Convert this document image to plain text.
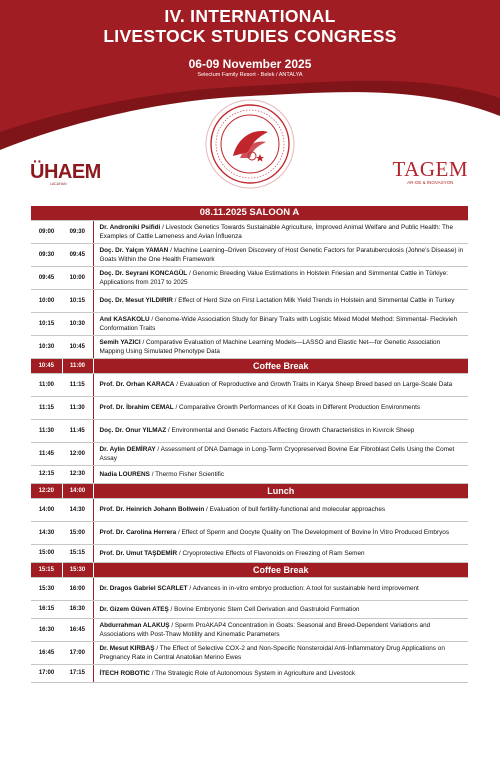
IV. INTERNATIONAL
LIVESTOCK STUDIES CONGRESS
06-09 November 2025
Selectum Family Resort - Belek / ANTALYA
ÜHAEM
LACAHAN
TAGEM
AR-GE & İNOVASYON
08.11.2025 SALOON A		
09:00	09:30	Dr. Androniki Psifidi / Livestock Genetics Towards Sustainable Agriculture, İmproved Animal Welfare and Public Health: The Examples of Cattle Lameness and Avian İnfluenza
09:30	09:45	Doç. Dr. Yalçın YAMAN / Machine Learning–Driven Discovery of Host Genetic Factors for Paratuberculosis (Johne's Disease) in Goats Within the One Health Framework
09:45	10:00	Doç. Dr. Seyrani KONCAGÜL / Genomic Breeding Value Estimations in Holstein Friesian and Simmental Cattle in Türkiye: Applications from 2017 to 2025
10:00	10:15	Doç. Dr. Mesut YILDIRIR / Effect of Herd Size on First Lactation Milk Yield Trends in Holstein and Simmental Cattle in Turkey
10:15	10:30	Anıl KASAKOLU / Genome-Wide Association Study for Binary Traits with Logistic Mixed Model Method: Simmental- Fleckvieh Conformation Traits
10:30	10:45	Semih YAZICI / Comparative Evaluation of Machine Learning Models—LASSO and Elastic Net—for Genetic Association Mapping Using Simulated Phenotype Data
10:45	11:00	Coffee Break
11:00	11:15	Prof. Dr. Orhan KARACA / Evaluation of Reproductive and Growth Traits in Karya Sheep Breed based on Large-Scale Data
11:15	11:30	Prof. Dr. İbrahim CEMAL / Comparative Growth Performances of Kıl Goats in Different Production Environments
11:30	11:45	Doç. Dr. Onur YILMAZ / Environmental and Genetic Factors Affecting Growth Characteristics in Kıvırcık Sheep
11:45	12:00	Dr. Aylin DEMİRAY / Assessment of DNA Damage in Long-Term Cryopreserved Bovine Ear Fibroblast Cells Using the Comet Assay
12:15	12:30	Nadia LOURENS / Thermo Fisher Scientific
12:20	14:00	Lunch
14:00	14:30	Prof. Dr. Heinrich Johann Bollwein / Evaluation of bull fertility-functional and molecular approaches
14:30	15:00	Prof. Dr. Carolina Herrera / Effect of Sperm and Oocyte Quality on The Development of Bovine İn Vitro Produced Embryos
15:00	15:15	Prof. Dr. Umut TAŞDEMİR / Cryoprotective Effects of Flavonoids on Freezing of Ram Semen
15:15	15:30	Coffee Break
15:30	16:00	Dr. Dragos Gabriel SCARLET / Advances in in-vitro embryo production: A tool for sustainable herd improvement
16:15	16:30	Dr. Gizem Güven ATEŞ / Bovine Embryonic Stem Cell Derivation and Gastruloid Formation
16:30	16:45	Abdurrahman ALAKUŞ / Sperm ProAKAP4 Concentration in Goats: Seasonal and Breed-Dependent Variations and Associations with Post-Thaw Motility and Kinematic Parameters
16:45	17:00	Dr. Mesut KIRBAŞ / The Effect of Selective COX-2 and Non-Specific Nonsteroidal Anti-İnflammatory Drug Applications on Pregnancy Rate in Central Anatolian Merino Ewes
17:00	17:15	İTECH ROBOTIC / The Strategic Role of Autonomous System in Agriculture and Livestock
